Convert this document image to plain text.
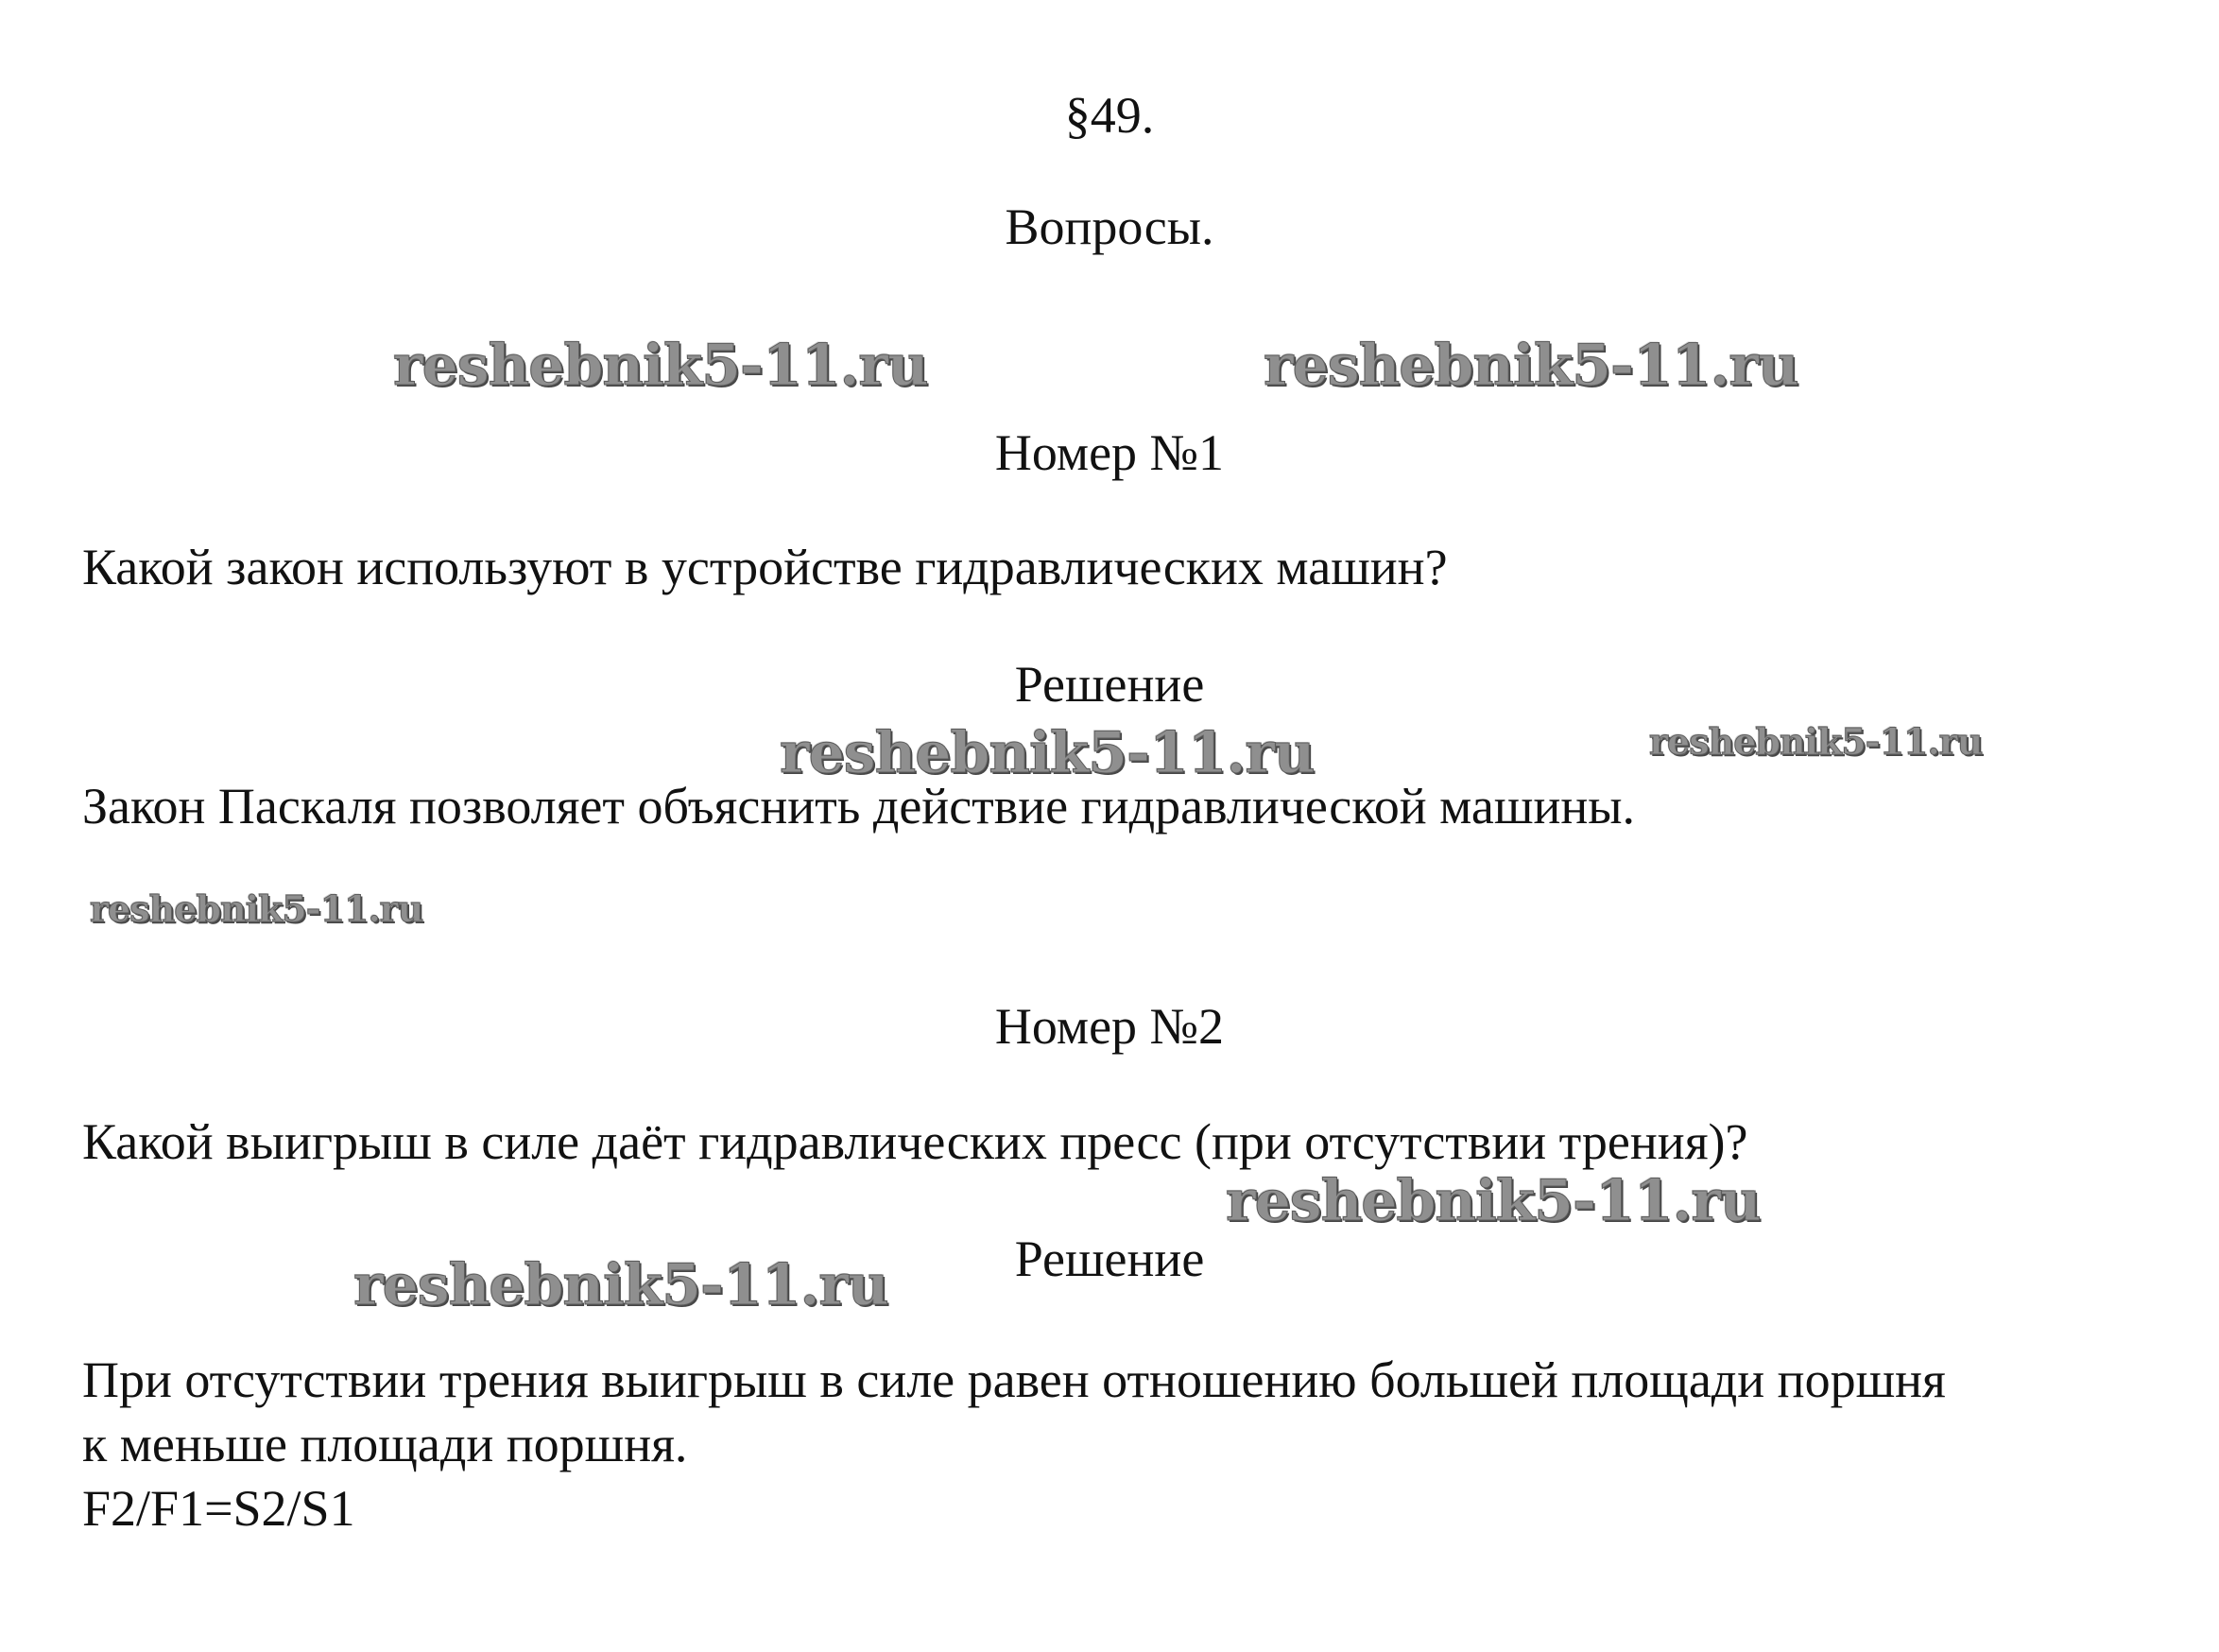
§49.
Вопросы.
reshebnik5-11.ru	reshebnik5-11.ru
Номер №1
Какой закон используют в устройстве гидравлических машин?
Решение
reshebnik5-11.ru	reshebnik5-11.ru
Закон Паскаля позволяет объяснить действие гидравлической машины.
reshebnik5-11.ru
Номер №2
Какой выигрыш в силе даёт гидравлических пресс (при отсутствии трения)?
reshebnik5-11.ru
Решение
reshebnik5-11.ru
При отсутствии трения выигрыш в силе равен отношению большей площади поршня
к меньше площади поршня.
F2/F1=S2/S1
